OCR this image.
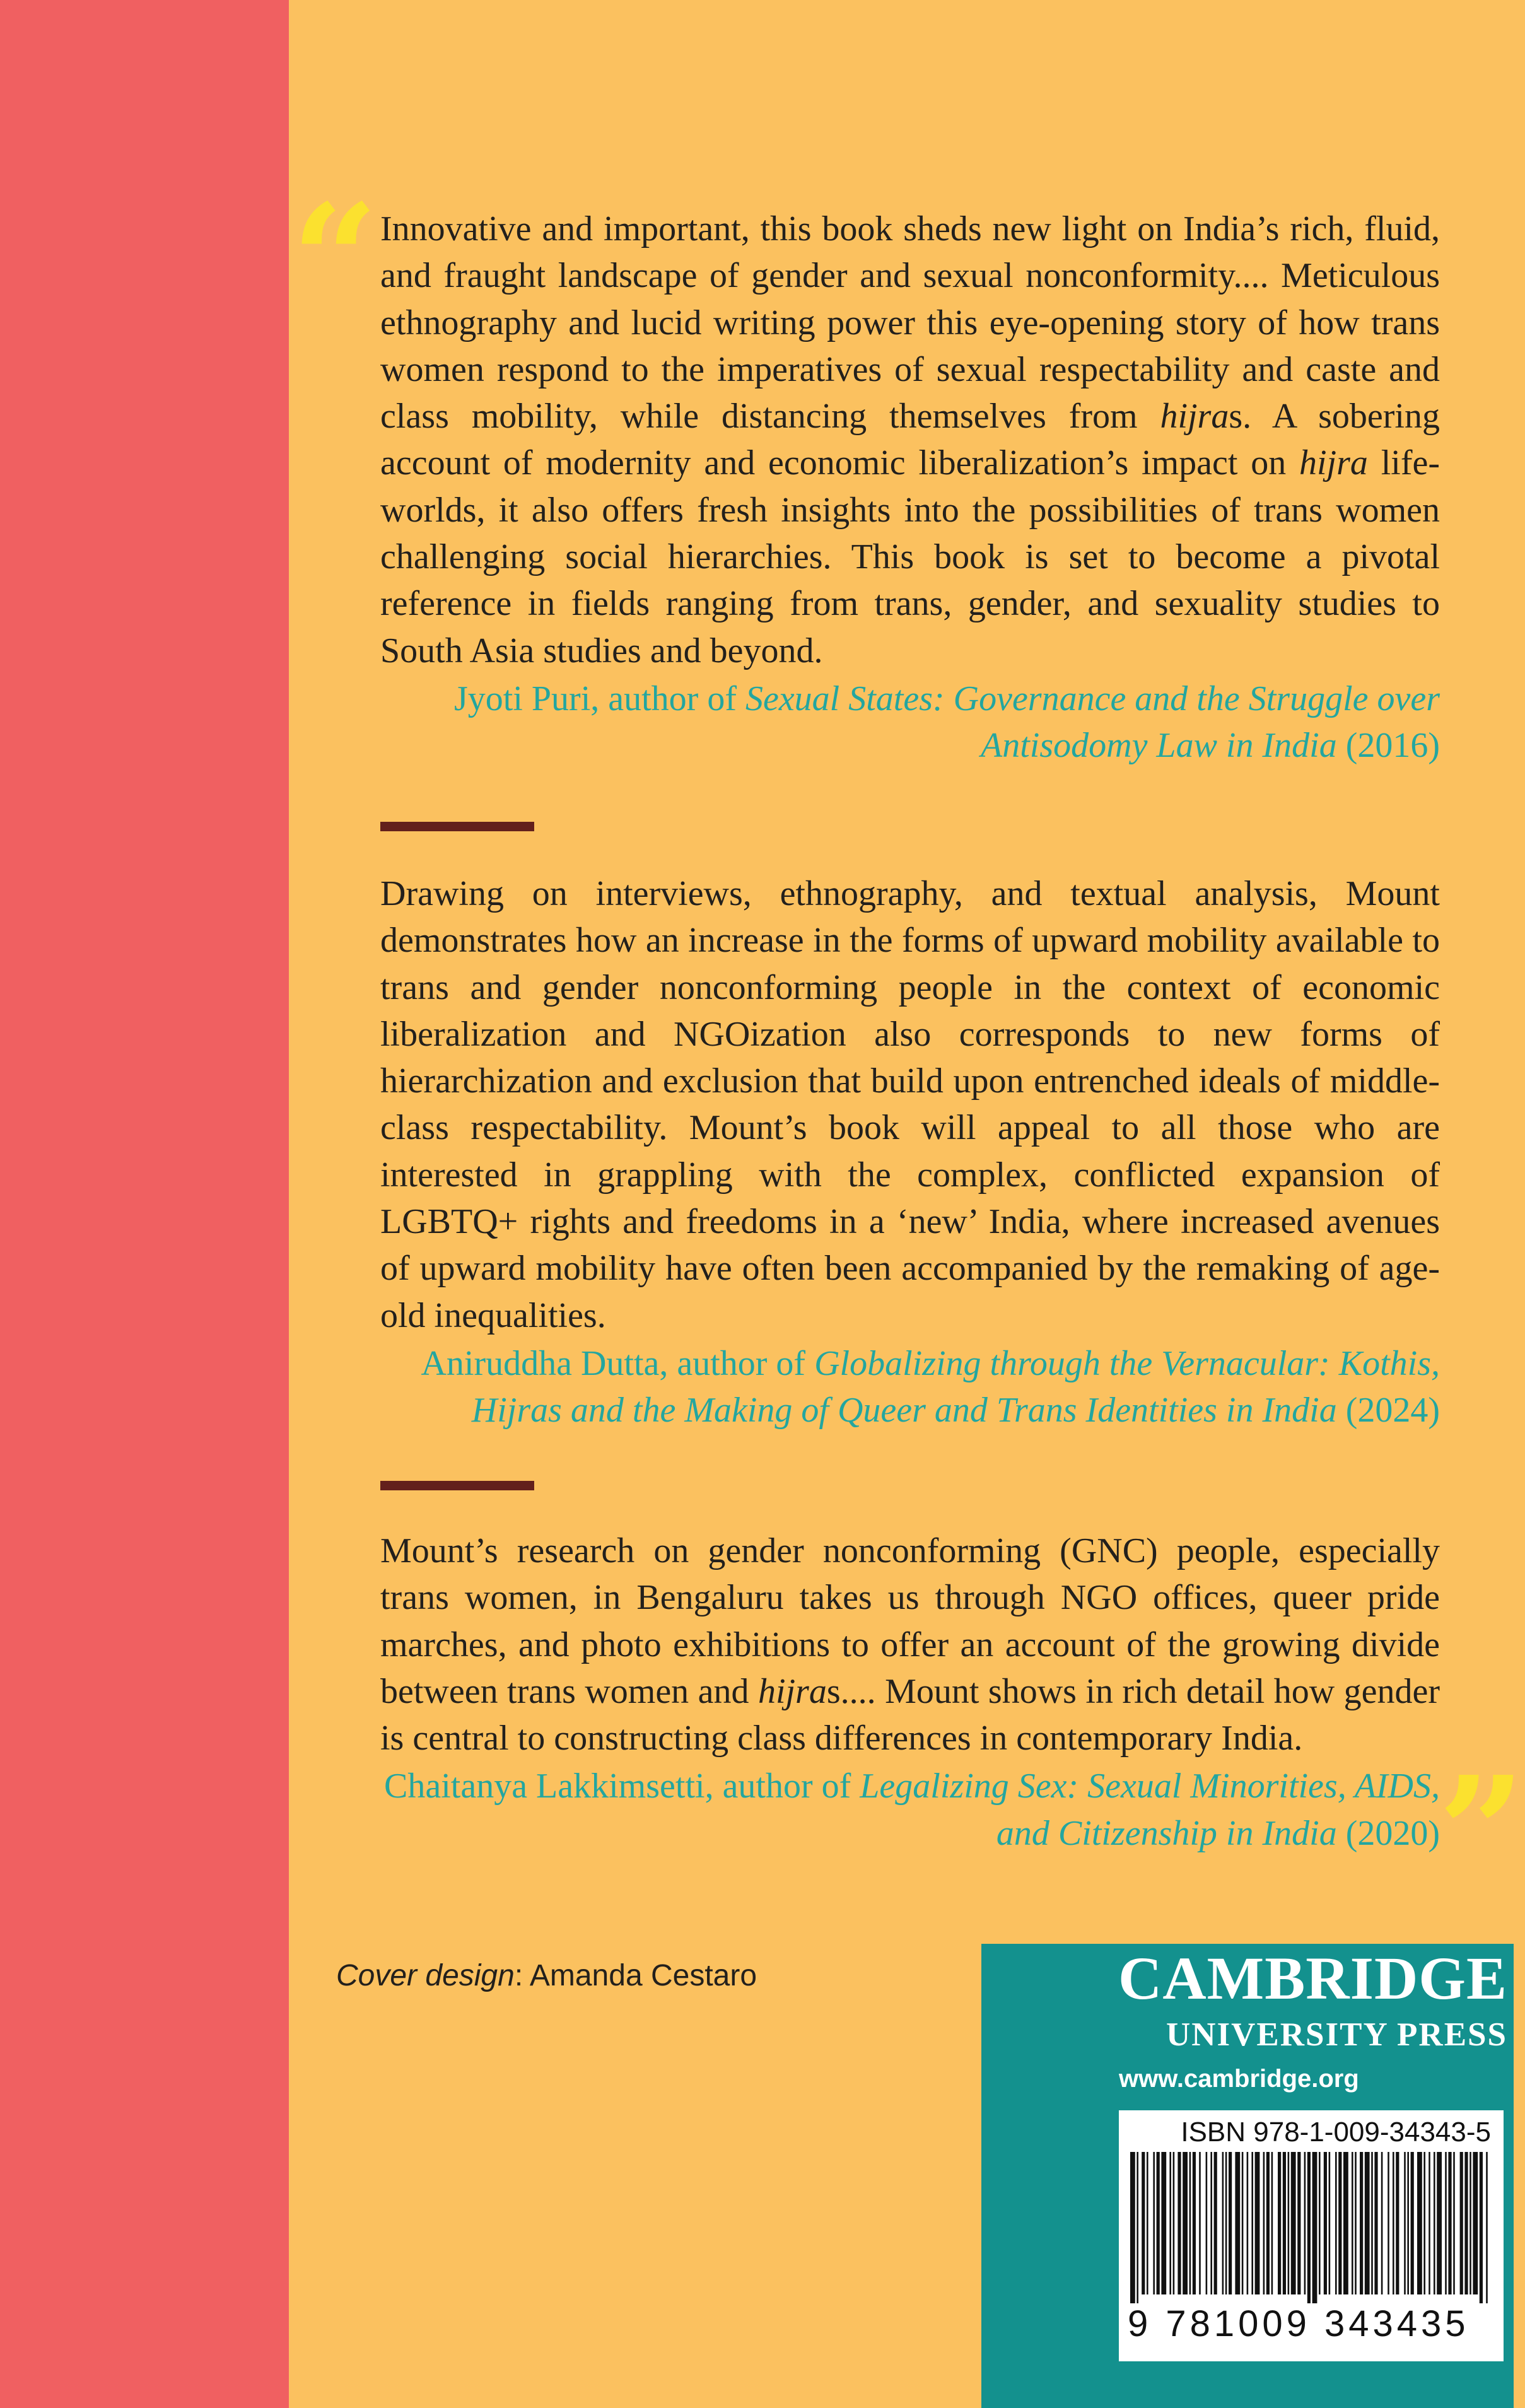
“ Innovative and important, this book sheds new light on India’s rich, fluid, and fraught landscape of gender and sexual nonconformity.... Meticulous ethnography and lucid writing power this eye-opening story of how trans women respond to the imperatives of sexual respectability and caste and class mobility, while distancing themselves from hijras. A sobering account of modernity and economic liberalization’s impact on hijra life-worlds, it also offers fresh insights into the possibilities of trans women challenging social hierarchies. This book is set to become a pivotal reference in fields ranging from trans, gender, and sexuality studies to South Asia studies and beyond.

Jyoti Puri, author of Sexual States: Governance and the Struggle over Antisodomy Law in India (2016)

Drawing on interviews, ethnography, and textual analysis, Mount demonstrates how an increase in the forms of upward mobility available to trans and gender nonconforming people in the context of economic liberalization and NGOization also corresponds to new forms of hierarchization and exclusion that build upon entrenched ideals of middle-class respectability. Mount’s book will appeal to all those who are interested in grappling with the complex, conflicted expansion of LGBTQ+ rights and freedoms in a ‘new’ India, where increased avenues of upward mobility have often been accompanied by the remaking of age-old inequalities.

Aniruddha Dutta, author of Globalizing through the Vernacular: Kothis, Hijras and the Making of Queer and Trans Identities in India (2024)

Mount’s research on gender nonconforming (GNC) people, especially trans women, in Bengaluru takes us through NGO offices, queer pride marches, and photo exhibitions to offer an account of the growing divide between trans women and hijras.... Mount shows in rich detail how gender is central to constructing class differences in contemporary India.

Chaitanya Lakkimsetti, author of Legalizing Sex: Sexual Minorities, AIDS, and Citizenship in India (2020)

”
Cover design: Amanda Cestaro	CAMBRIDGE
UNIVERSITY PRESS
www.cambridge.org
ISBN 978-1-009-34343-5
9 781009 343435
